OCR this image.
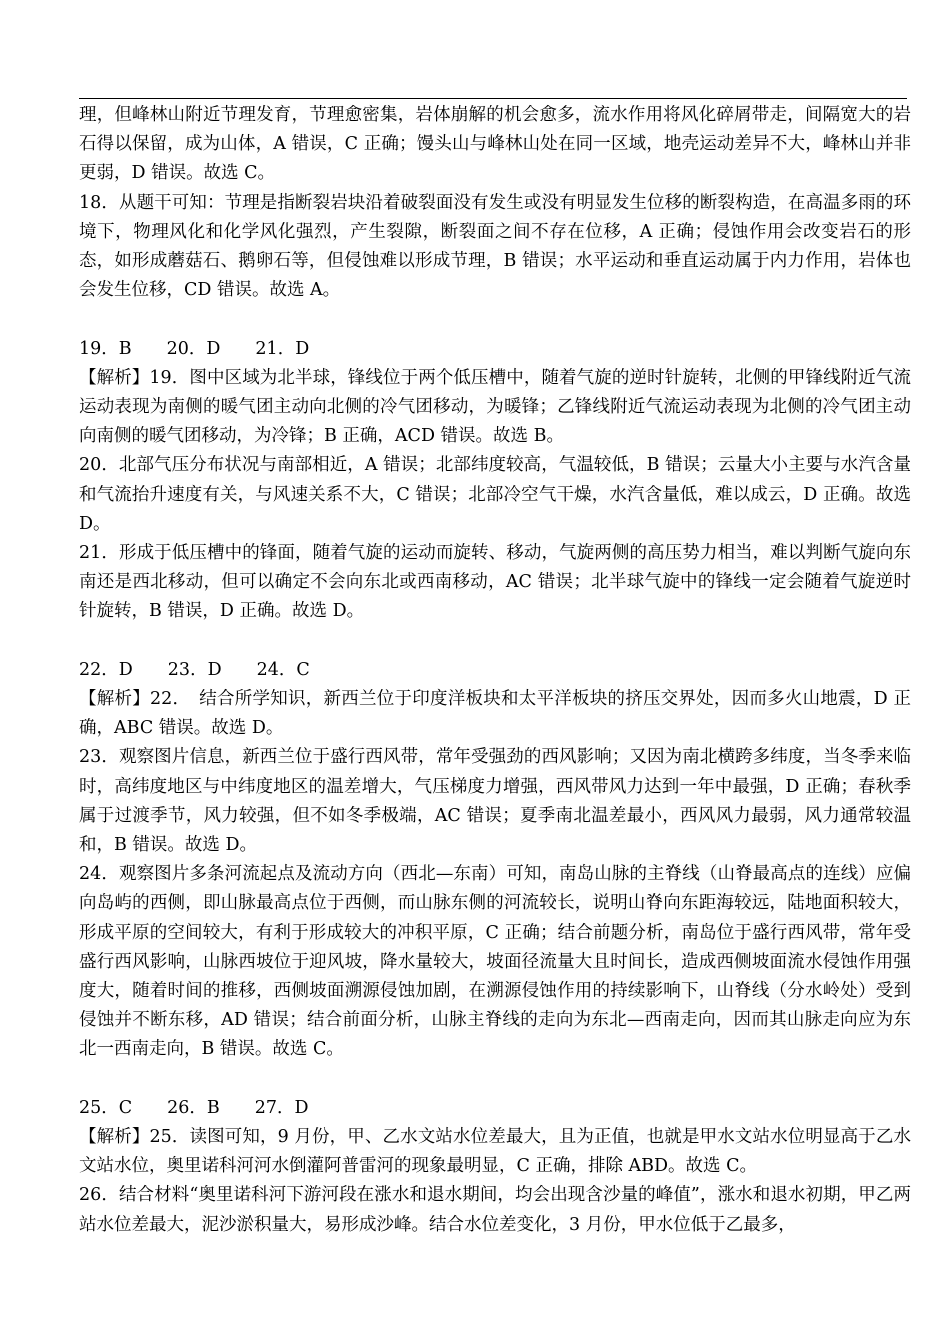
理，但峰林山附近节理发育，节理愈密集，岩体崩解的机会愈多，流水作用将风化碎屑带走，间隔宽大的岩石得以保留，成为山体，A 错误，C 正确；馒头山与峰林山处在同一区域，地壳运动差异不大，峰林山并非更弱，D 错误。故选 C。

18．从题干可知：节理是指断裂岩块沿着破裂面没有发生或没有明显发生位移的断裂构造，在高温多雨的环境下，物理风化和化学风化强烈，产生裂隙，断裂面之间不存在位移，A 正确；侵蚀作用会改变岩石的形态，如形成蘑菇石、鹅卵石等，但侵蚀难以形成节理，B 错误；水平运动和垂直运动属于内力作用，岩体也会发生位移，CD 错误。故选 A。

19．B　　20．D　　21．D

【解析】19．图中区域为北半球，锋线位于两个低压槽中，随着气旋的逆时针旋转，北侧的甲锋线附近气流运动表现为南侧的暖气团主动向北侧的冷气团移动，为暖锋；乙锋线附近气流运动表现为北侧的冷气团主动向南侧的暖气团移动，为冷锋；B 正确，ACD 错误。故选 B。

20．北部气压分布状况与南部相近，A 错误；北部纬度较高，气温较低，B 错误；云量大小主要与水汽含量和气流抬升速度有关，与风速关系不大，C 错误；北部冷空气干燥，水汽含量低，难以成云，D 正确。故选 D。

21．形成于低压槽中的锋面，随着气旋的运动而旋转、移动，气旋两侧的高压势力相当，难以判断气旋向东南还是西北移动，但可以确定不会向东北或西南移动，AC 错误；北半球气旋中的锋线一定会随着气旋逆时针旋转，B 错误，D 正确。故选 D。

22．D　　23．D　　24．C

【解析】22．　结合所学知识，新西兰位于印度洋板块和太平洋板块的挤压交界处，因而多火山地震，D 正确，ABC 错误。故选 D。

23．观察图片信息，新西兰位于盛行西风带，常年受强劲的西风影响；又因为南北横跨多纬度，当冬季来临时，高纬度地区与中纬度地区的温差增大，气压梯度力增强，西风带风力达到一年中最强，D 正确；春秋季属于过渡季节，风力较强，但不如冬季极端，AC 错误；夏季南北温差最小，西风风力最弱，风力通常较温和，B 错误。故选 D。

24．观察图片多条河流起点及流动方向（西北—东南）可知，南岛山脉的主脊线（山脊最高点的连线）应偏向岛屿的西侧，即山脉最高点位于西侧，而山脉东侧的河流较长，说明山脊向东距海较远，陆地面积较大，形成平原的空间较大，有利于形成较大的冲积平原，C 正确；结合前题分析，南岛位于盛行西风带，常年受盛行西风影响，山脉西坡位于迎风坡，降水量较大，坡面径流量大且时间长，造成西侧坡面流水侵蚀作用强度大，随着时间的推移，西侧坡面溯源侵蚀加剧，在溯源侵蚀作用的持续影响下，山脊线（分水岭处）受到侵蚀并不断东移，AD 错误；结合前面分析，山脉主脊线的走向为东北—西南走向，因而其山脉走向应为东北一西南走向，B 错误。故选 C。

25．C　　26．B　　27．D

【解析】25．读图可知，9 月份，甲、乙水文站水位差最大，且为正值，也就是甲水文站水位明显高于乙水文站水位，奥里诺科河河水倒灌阿普雷河的现象最明显，C 正确，排除 ABD。故选 C。

26．结合材料“奥里诺科河下游河段在涨水和退水期间，均会出现含沙量的峰值”，涨水和退水初期，甲乙两站水位差最大，泥沙淤积量大，易形成沙峰。结合水位差变化，3 月份，甲水位低于乙最多，
